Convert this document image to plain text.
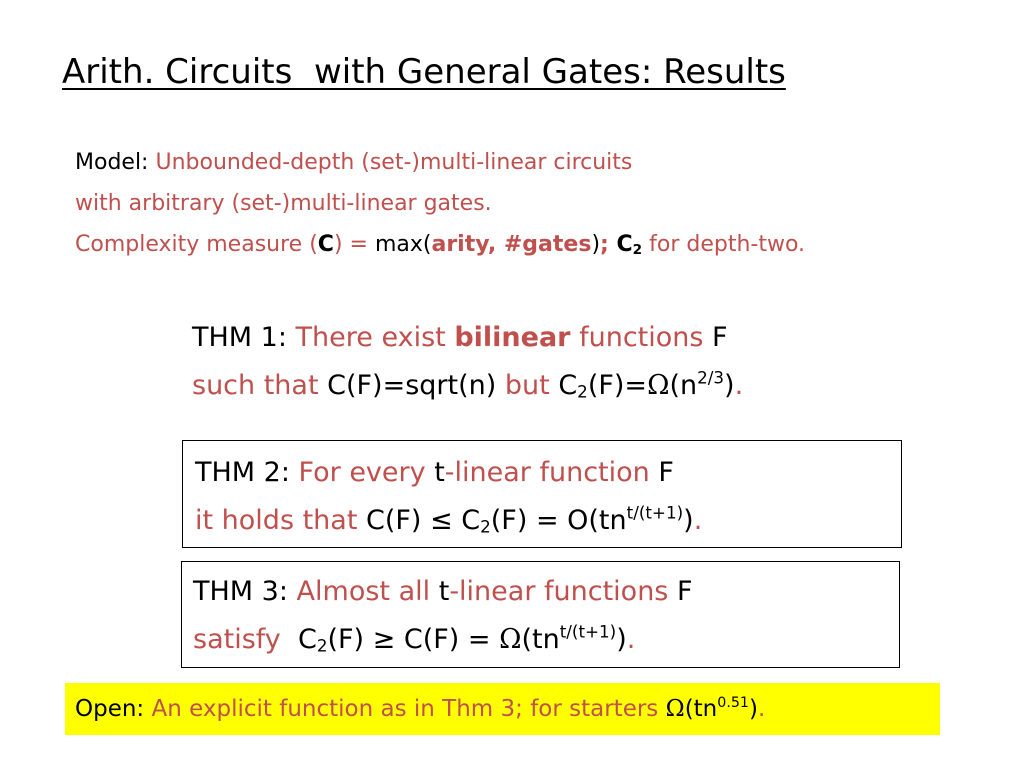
Arith. Circuits  with General Gates: Results
Model: Unbounded-depth (set-)multi-linear circuits
with arbitrary (set-)multi-linear gates.
Complexity measure (C) = max(arity, #gates); $C_2$ for depth-two.
THM 1: There exist bilinear functions F
such that C(F)=sqrt(n) but $C_2(F)=\Omega(n^{2/3})$.
THM 2: For every t-linear function F
it holds that $C(F) \le C_2(F) = O(tn^{t/(t+1)})$.
THM 3: Almost all t-linear functions F
satisfy  $C_2(F) \ge C(F) = \Omega(tn^{t/(t+1)})$.
Open: An explicit function as in Thm 3; for starters $\Omega(tn^{0.51})$.
